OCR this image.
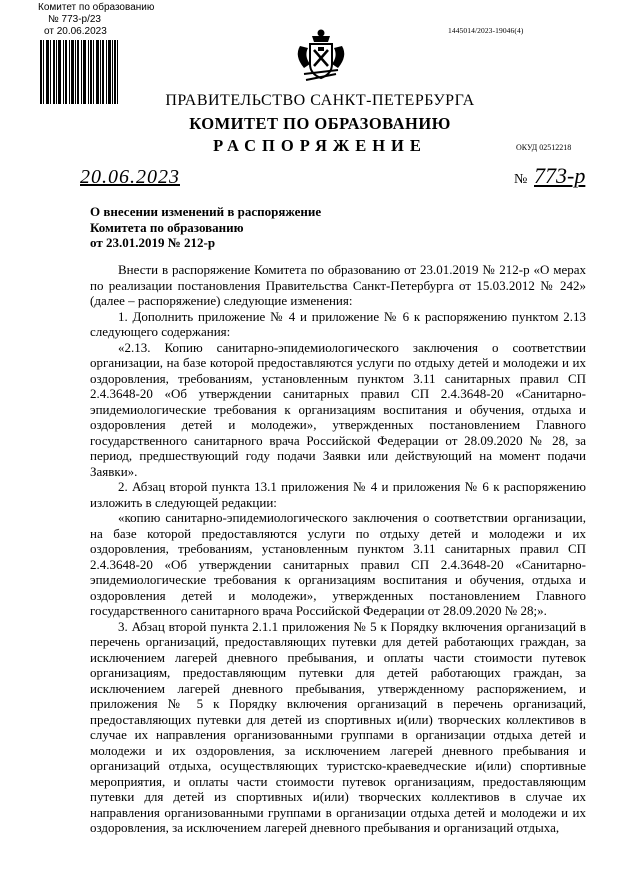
Комитет по образованию
№ 773-р/23
от 20.06.2023	1445014/2023-19046(4)
ПРАВИТЕЛЬСТВО САНКТ-ПЕТЕРБУРГА
КОМИТЕТ ПО ОБРАЗОВАНИЮ
РАСПОРЯЖЕНИЕ	ОКУД 02512218
20.06.2023	№ 773-р
О внесении изменений в распоряжение
Комитета по образованию
от 23.01.2019 № 212-р

Внести в распоряжение Комитета по образованию от 23.01.2019 № 212-р «О мерах по реализации постановления Правительства Санкт-Петербурга от 15.03.2012 № 242» (далее – распоряжение) следующие изменения:

1. Дополнить приложение № 4 и приложение № 6 к распоряжению пунктом 2.13 следующего содержания:

«2.13. Копию санитарно-эпидемиологического заключения о соответствии организации, на базе которой предоставляются услуги по отдыху детей и молодежи и их оздоровления, требованиям, установленным пунктом 3.11 санитарных правил СП 2.4.3648-20 «Об утверждении санитарных правил СП 2.4.3648-20 «Санитарно-эпидемиологические требования к организациям воспитания и обучения, отдыха и оздоровления детей и молодежи», утвержденных постановлением Главного государственного санитарного врача Российской Федерации от 28.09.2020 № 28, за период, предшествующий году подачи Заявки или действующий на момент подачи Заявки».

2. Абзац второй пункта 13.1 приложения № 4 и приложения № 6 к распоряжению изложить в следующей редакции:

«копию санитарно-эпидемиологического заключения о соответствии организации, на базе которой предоставляются услуги по отдыху детей и молодежи и их оздоровления, требованиям, установленным пунктом 3.11 санитарных правил СП 2.4.3648-20 «Об утверждении санитарных правил СП 2.4.3648-20 «Санитарно-эпидемиологические требования к организациям воспитания и обучения, отдыха и оздоровления детей и молодежи», утвержденных постановлением Главного государственного санитарного врача Российской Федерации от 28.09.2020 № 28;».

3. Абзац второй пункта 2.1.1 приложения № 5 к Порядку включения организаций в перечень организаций, предоставляющих путевки для детей работающих граждан, за исключением лагерей дневного пребывания, и оплаты части стоимости путевок организациям, предоставляющим путевки для детей работающих граждан, за исключением лагерей дневного пребывания, утвержденному распоряжением, и приложения № 5 к Порядку включения организаций в перечень организаций, предоставляющих путевки для детей из спортивных и(или) творческих коллективов в случае их направления организованными группами в организации отдыха детей и молодежи и их оздоровления, за исключением лагерей дневного пребывания и организаций отдыха, осуществляющих туристско-краеведческие и(или) спортивные мероприятия, и оплаты части стоимости путевок организациям, предоставляющим путевки для детей из спортивных и(или) творческих коллективов в случае их направления организованными группами в организации отдыха детей и молодежи и их оздоровления, за исключением лагерей дневного пребывания и организаций отдыха,
